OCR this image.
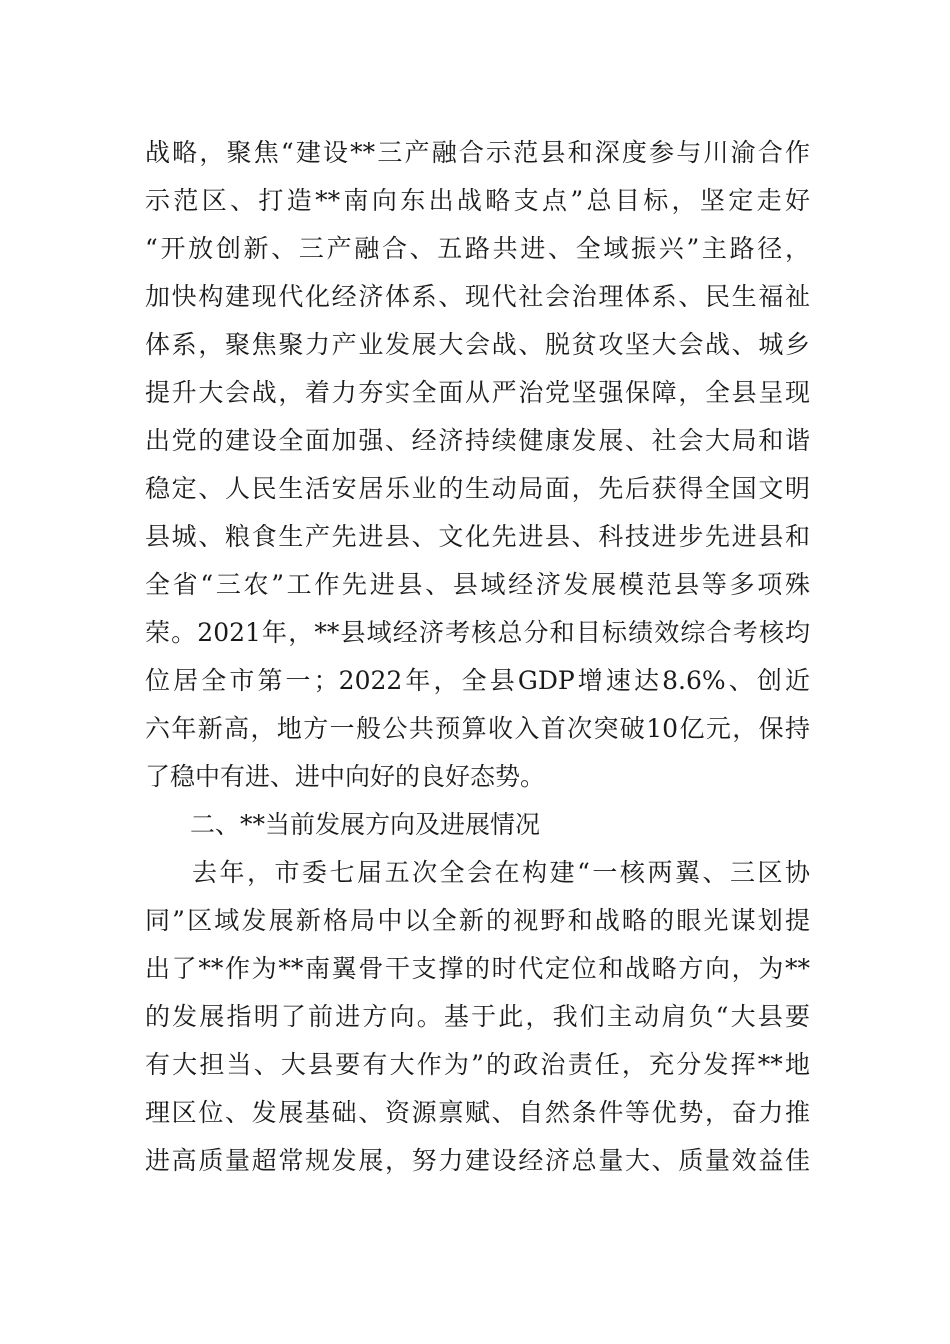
战略，聚焦“建设**三产融合示范县和深度参与川渝合作
示范区、打造**南向东出战略支点”总目标，坚定走好
“开放创新、三产融合、五路共进、全域振兴”主路径，
加快构建现代化经济体系、现代社会治理体系、民生福祉
体系，聚焦聚力产业发展大会战、脱贫攻坚大会战、城乡
提升大会战，着力夯实全面从严治党坚强保障，全县呈现
出党的建设全面加强、经济持续健康发展、社会大局和谐
稳定、人民生活安居乐业的生动局面，先后获得全国文明
县城、粮食生产先进县、文化先进县、科技进步先进县和
全省“三农”工作先进县、县域经济发展模范县等多项殊
荣。2021年，**县域经济考核总分和目标绩效综合考核均
位居全市第一；2022年，全县GDP增速达8.6%、创近
六年新高，地方一般公共预算收入首次突破10亿元，保持
了稳中有进、进中向好的良好态势。
二、**当前发展方向及进展情况
去年，市委七届五次全会在构建“一核两翼、三区协
同”区域发展新格局中以全新的视野和战略的眼光谋划提
出了**作为**南翼骨干支撑的时代定位和战略方向，为**
的发展指明了前进方向。基于此，我们主动肩负“大县要
有大担当、大县要有大作为”的政治责任，充分发挥**地
理区位、发展基础、资源禀赋、自然条件等优势，奋力推
进高质量超常规发展，努力建设经济总量大、质量效益佳
